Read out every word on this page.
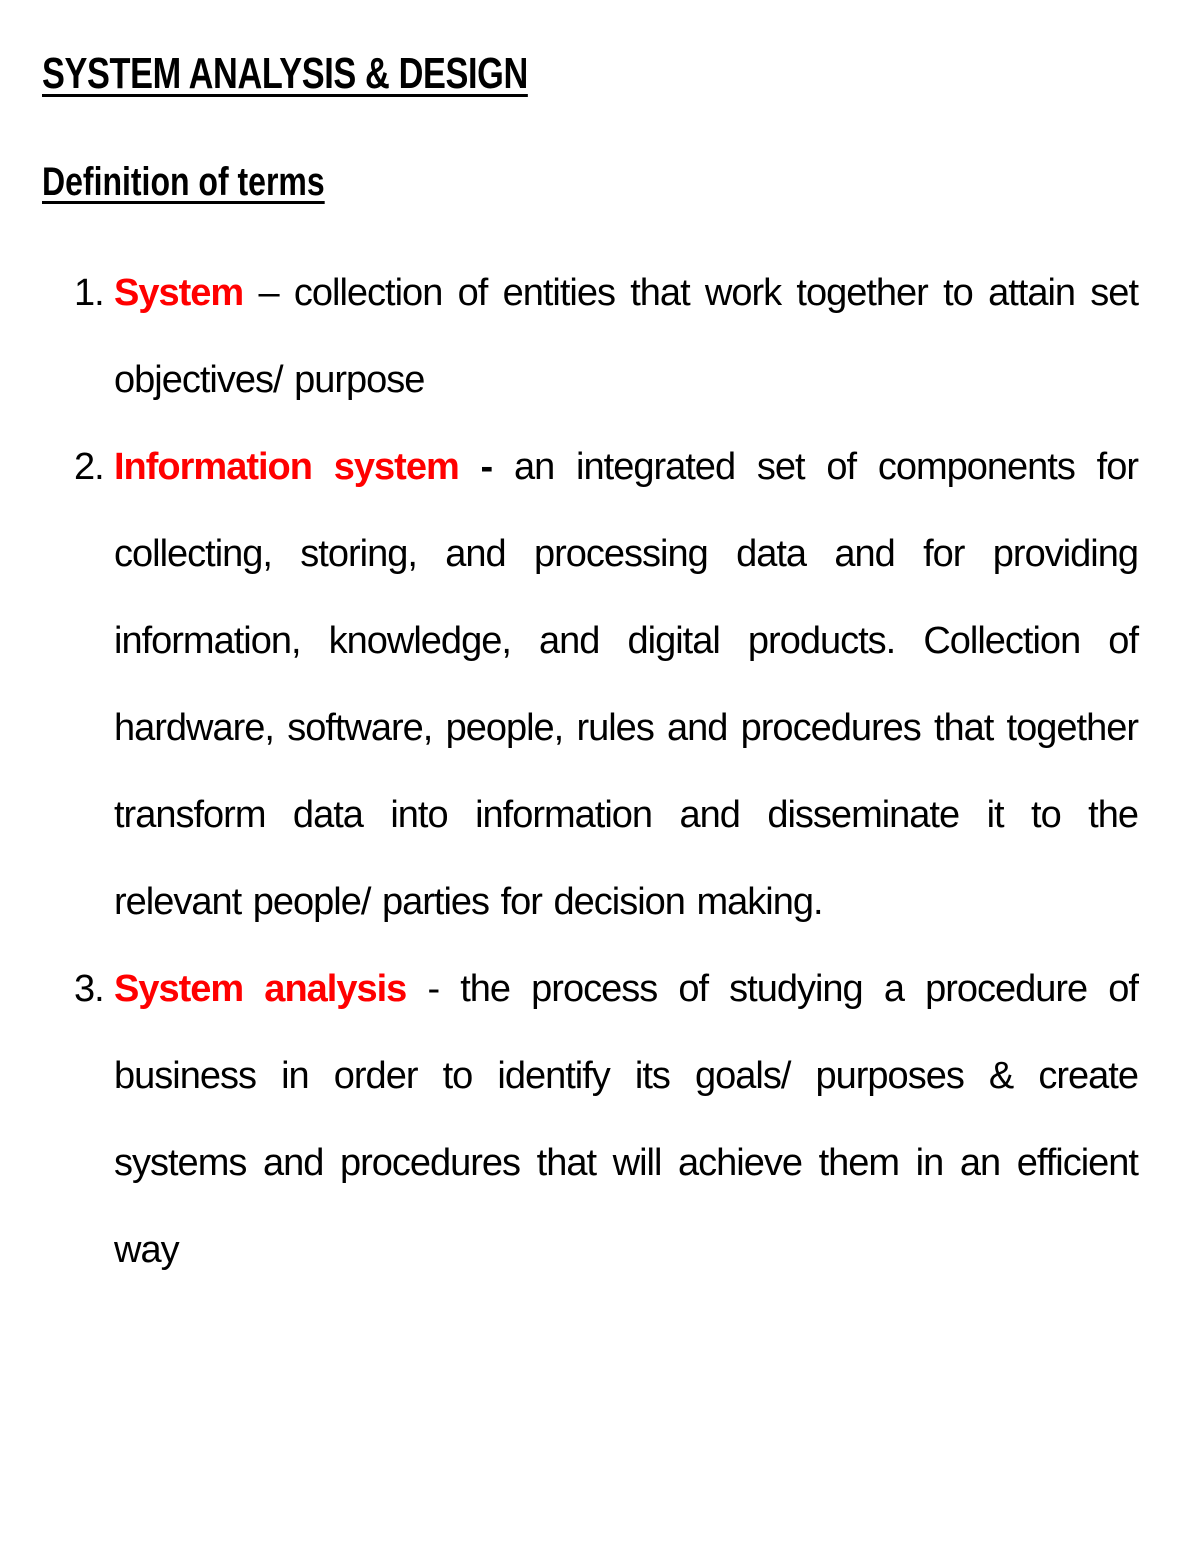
SYSTEM ANALYSIS & DESIGN
Definition of terms
1. System – collection of entities that work together to attain set objectives/ purpose
2. Information system - an integrated set of components for collecting, storing, and processing data and for providing information, knowledge, and digital products. Collection of hardware, software, people, rules and procedures that together transform data into information and disseminate it to the relevant people/ parties for decision making.
3. System analysis - the process of studying a procedure of business in order to identify its goals/ purposes & create systems and procedures that will achieve them in an efficient way
